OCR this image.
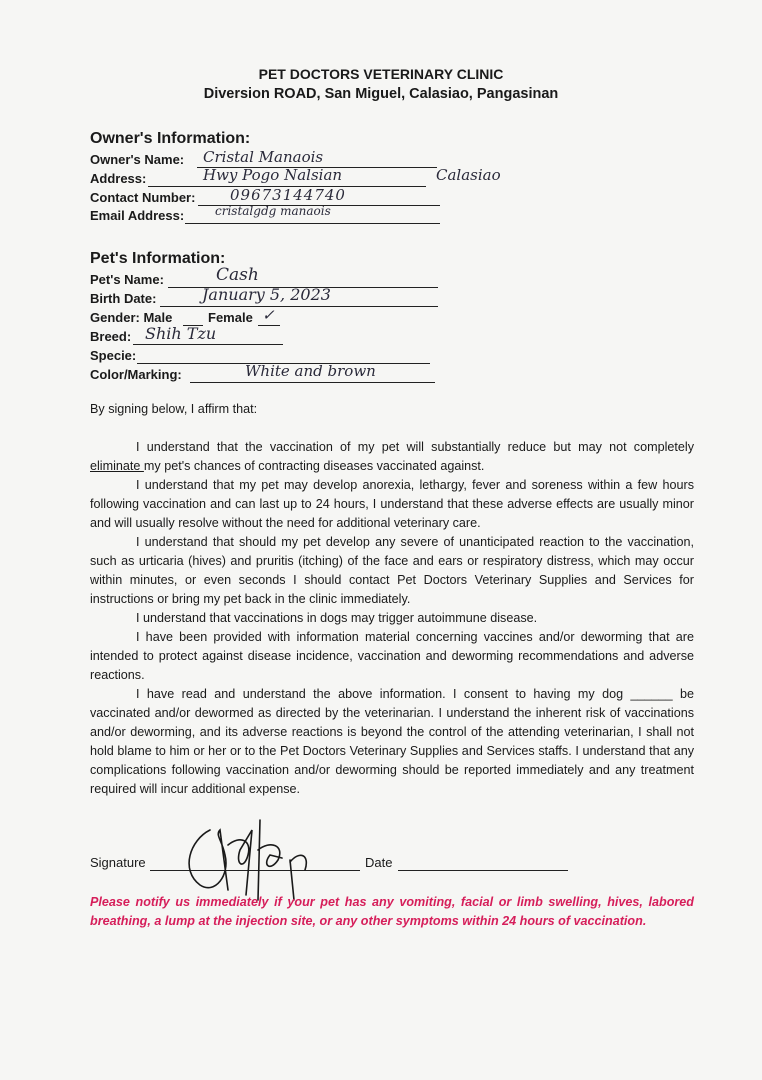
PET DOCTORS VETERINARY CLINIC
Diversion ROAD, San Miguel, Calasiao, Pangasinan
Owner's Information:
Owner's Name: Cristal Manaois
Address:	Hwy Pogo Nalsian	Calasiao
Contact Number: 09673144740
Email Address:	cristalgdg manaois
Pet's Information:
Pet's Name:	Cash
Birth Date:	January 5, 2023
Gender: Male	Female ✓
Breed: Shih Tzu
Specie:
Color/Marking:	White and brown
By signing below, I affirm that:

I understand that the vaccination of my pet will substantially reduce but may not completely eliminate my pet's chances of contracting diseases vaccinated against.

I understand that my pet may develop anorexia, lethargy, fever and soreness within a few hours following vaccination and can last up to 24 hours, I understand that these adverse effects are usually minor and will usually resolve without the need for additional veterinary care.

I understand that should my pet develop any severe of unanticipated reaction to the vaccination, such as urticaria (hives) and pruritis (itching) of the face and ears or respiratory distress, which may occur within minutes, or even seconds I should contact Pet Doctors Veterinary Supplies and Services for instructions or bring my pet back in the clinic immediately.

I understand that vaccinations in dogs may trigger autoimmune disease.

I have been provided with information material concerning vaccines and/or deworming that are intended to protect against disease incidence, vaccination and deworming recommendations and adverse reactions.

I have read and understand the above information. I consent to having my dog ______ be vaccinated and/or dewormed as directed by the veterinarian. I understand the inherent risk of vaccinations and/or deworming, and its adverse reactions is beyond the control of the attending veterinarian, I shall not hold blame to him or her or to the Pet Doctors Veterinary Supplies and Services staffs. I understand that any complications following vaccination and/or deworming should be reported immediately and any treatment required will incur additional expense.

Signature	Date
Please notify us immediately if your pet has any vomiting, facial or limb swelling, hives, labored breathing, a lump at the injection site, or any other symptoms within 24 hours of vaccination.
